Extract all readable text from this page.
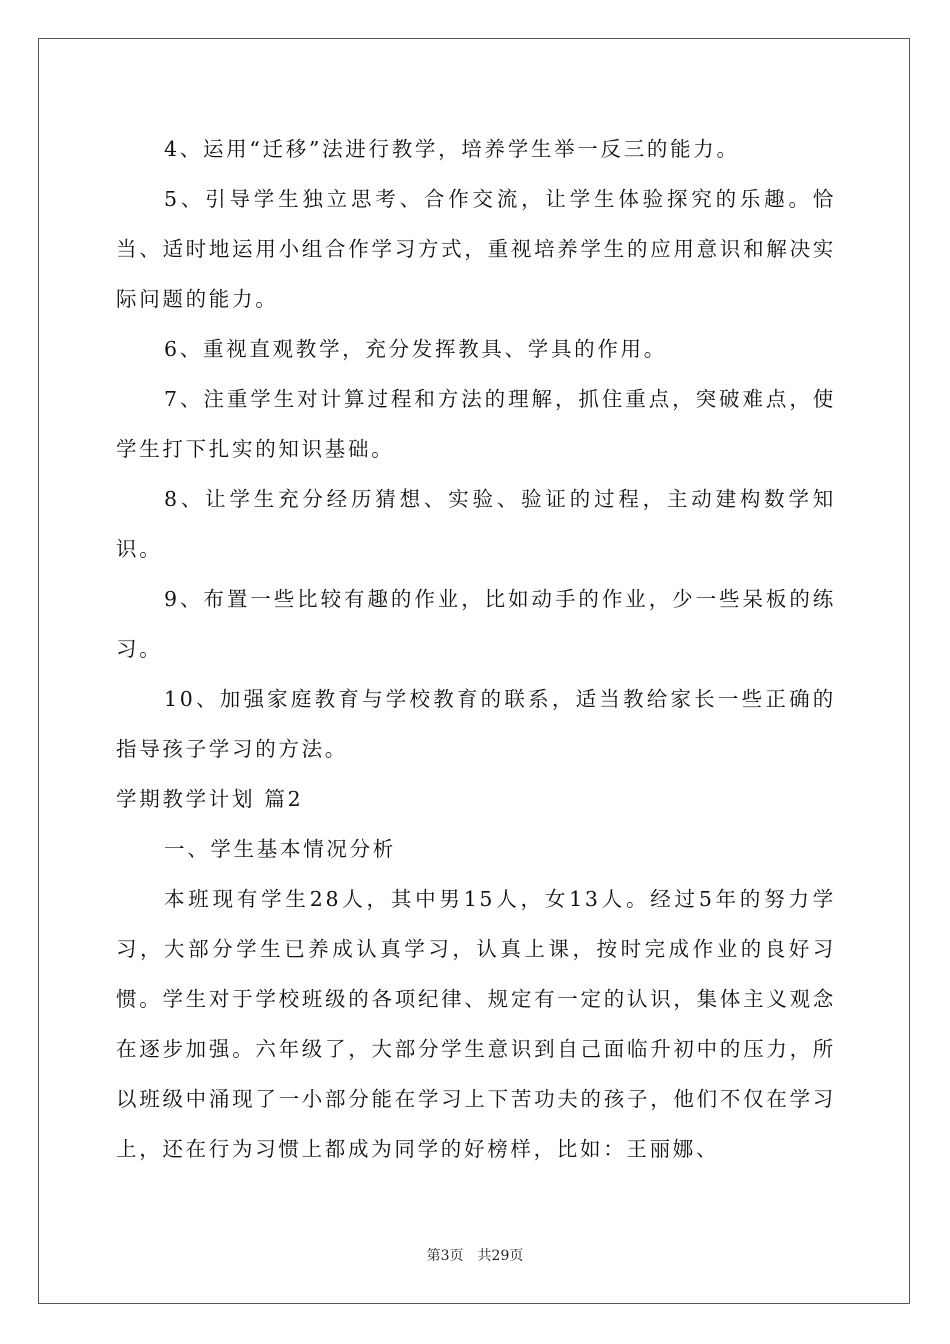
4、运用“迁移”法进行教学，培养学生举一反三的能力。

5、引导学生独立思考、合作交流，让学生体验探究的乐趣。恰当、适时地运用小组合作学习方式，重视培养学生的应用意识和解决实际问题的能力。

6、重视直观教学，充分发挥教具、学具的作用。

7、注重学生对计算过程和方法的理解，抓住重点，突破难点，使学生打下扎实的知识基础。

8、让学生充分经历猜想、实验、验证的过程，主动建构数学知识。

9、布置一些比较有趣的作业，比如动手的作业，少一些呆板的练习。

10、加强家庭教育与学校教育的联系，适当教给家长一些正确的指导孩子学习的方法。

学期教学计划 篇2

一、学生基本情况分析

本班现有学生28人，其中男15人，女13人。经过5年的努力学习，大部分学生已养成认真学习，认真上课，按时完成作业的良好习惯。学生对于学校班级的各项纪律、规定有一定的认识，集体主义观念在逐步加强。六年级了，大部分学生意识到自己面临升初中的压力，所以班级中涌现了一小部分能在学习上下苦功夫的孩子，他们不仅在学习上，还在行为习惯上都成为同学的好榜样，比如：王丽娜、

第3页 共29页
